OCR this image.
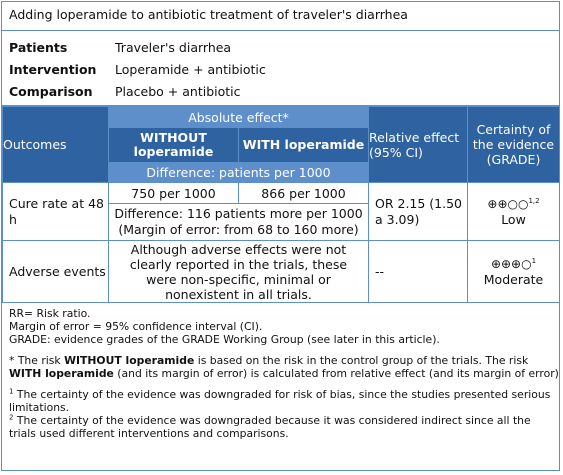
Adding loperamide to antibiotic treatment of traveler's diarrhea
Patients	Traveler's diarrhea
Intervention	Loperamide + antibiotic
Comparison	Placebo + antibiotic
Outcomes	Absolute effect*		Relative effect (95% CI)	Certainty of the evidence (GRADE)
	WITHOUT loperamide	WITH loperamide		
	Difference: patients per 1000			
Cure rate at 48 h	750 per 1000	866 per 1000	OR 2.15 (1.50 a 3.09)	⊕⊕○○$^{1,2}$
Low
	Difference: 116 patients more per 1000 (Margin of error: from 68 to 160 more)			
Adverse events	Although adverse effects were not clearly reported in the trials, these were non-specific, minimal or nonexistent in all trials.		--	⊕⊕⊕○$^1$
Moderate

RR= Risk ratio.

Margin of error = 95% confidence interval (CI).

GRADE: evidence grades of the GRADE Working Group (see later in this article).

* The risk WITHOUT loperamide is based on the risk in the control group of the trials. The risk WITH loperamide (and its margin of error) is calculated from relative effect (and its margin of error)

$^1$ The certainty of the evidence was downgraded for risk of bias, since the studies presented serious limitations.

$^2$ The certainty of the evidence was downgraded because it was considered indirect since all the trials used different interventions and comparisons.
